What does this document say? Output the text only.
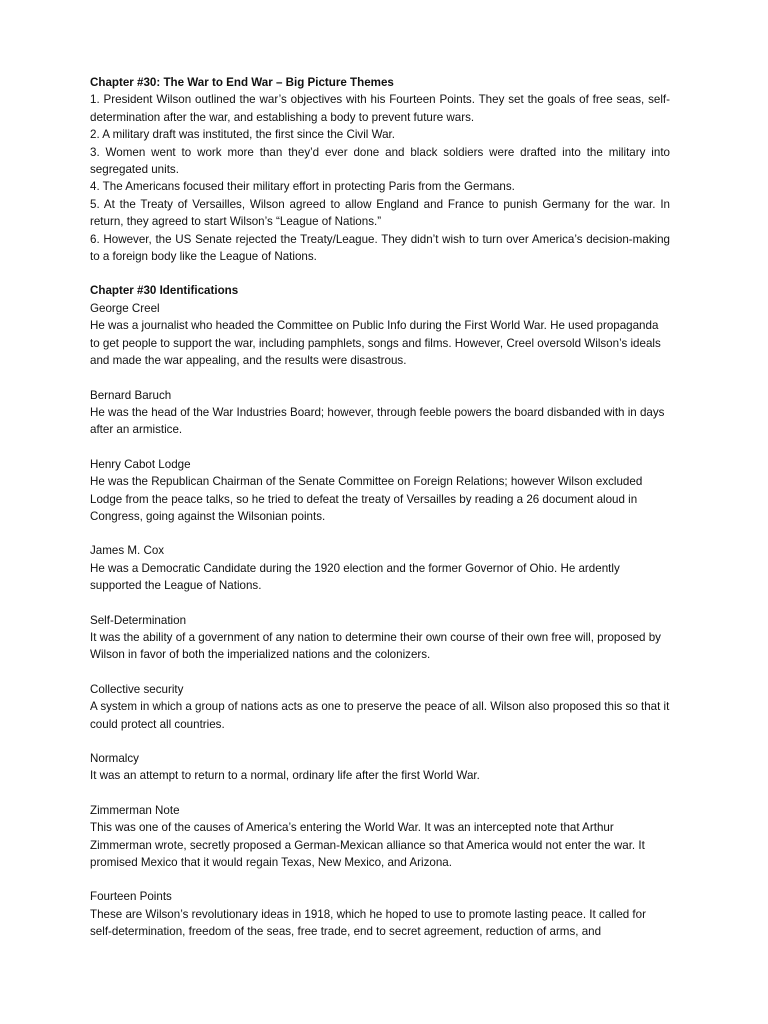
Chapter #30: The War to End War – Big Picture Themes

1. President Wilson outlined the war’s objectives with his Fourteen Points. They set the goals of free seas, self-determination after the war, and establishing a body to prevent future wars.

2. A military draft was instituted, the first since the Civil War.

3. Women went to work more than they’d ever done and black soldiers were drafted into the military into segregated units.

4. The Americans focused their military effort in protecting Paris from the Germans.

5. At the Treaty of Versailles, Wilson agreed to allow England and France to punish Germany for the war. In return, they agreed to start Wilson’s “League of Nations.”

6. However, the US Senate rejected the Treaty/League. They didn’t wish to turn over America’s decision-making to a foreign body like the League of Nations.

Chapter #30 Identifications

George Creel

He was a journalist who headed the Committee on Public Info during the First World War. He used propaganda to get people to support the war, including pamphlets, songs and films. However, Creel oversold Wilson’s ideals and made the war appealing, and the results were disastrous.

Bernard Baruch

He was the head of the War Industries Board; however, through feeble powers the board disbanded with in days after an armistice.

Henry Cabot Lodge

He was the Republican Chairman of the Senate Committee on Foreign Relations; however Wilson excluded Lodge from the peace talks, so he tried to defeat the treaty of Versailles by reading a 26 document aloud in Congress, going against the Wilsonian points.

James M. Cox

He was a Democratic Candidate during the 1920 election and the former Governor of Ohio. He ardently supported the League of Nations.

Self-Determination

It was the ability of a government of any nation to determine their own course of their own free will, proposed by Wilson in favor of both the imperialized nations and the colonizers.

Collective security

A system in which a group of nations acts as one to preserve the peace of all. Wilson also proposed this so that it could protect all countries.

Normalcy

It was an attempt to return to a normal, ordinary life after the first World War.

Zimmerman Note

This was one of the causes of America’s entering the World War. It was an intercepted note that Arthur Zimmerman wrote, secretly proposed a German-Mexican alliance so that America would not enter the war. It promised Mexico that it would regain Texas, New Mexico, and Arizona.

Fourteen Points

These are Wilson’s revolutionary ideas in 1918, which he hoped to use to promote lasting peace. It called for self-determination, freedom of the seas, free trade, end to secret agreement, reduction of arms, and
